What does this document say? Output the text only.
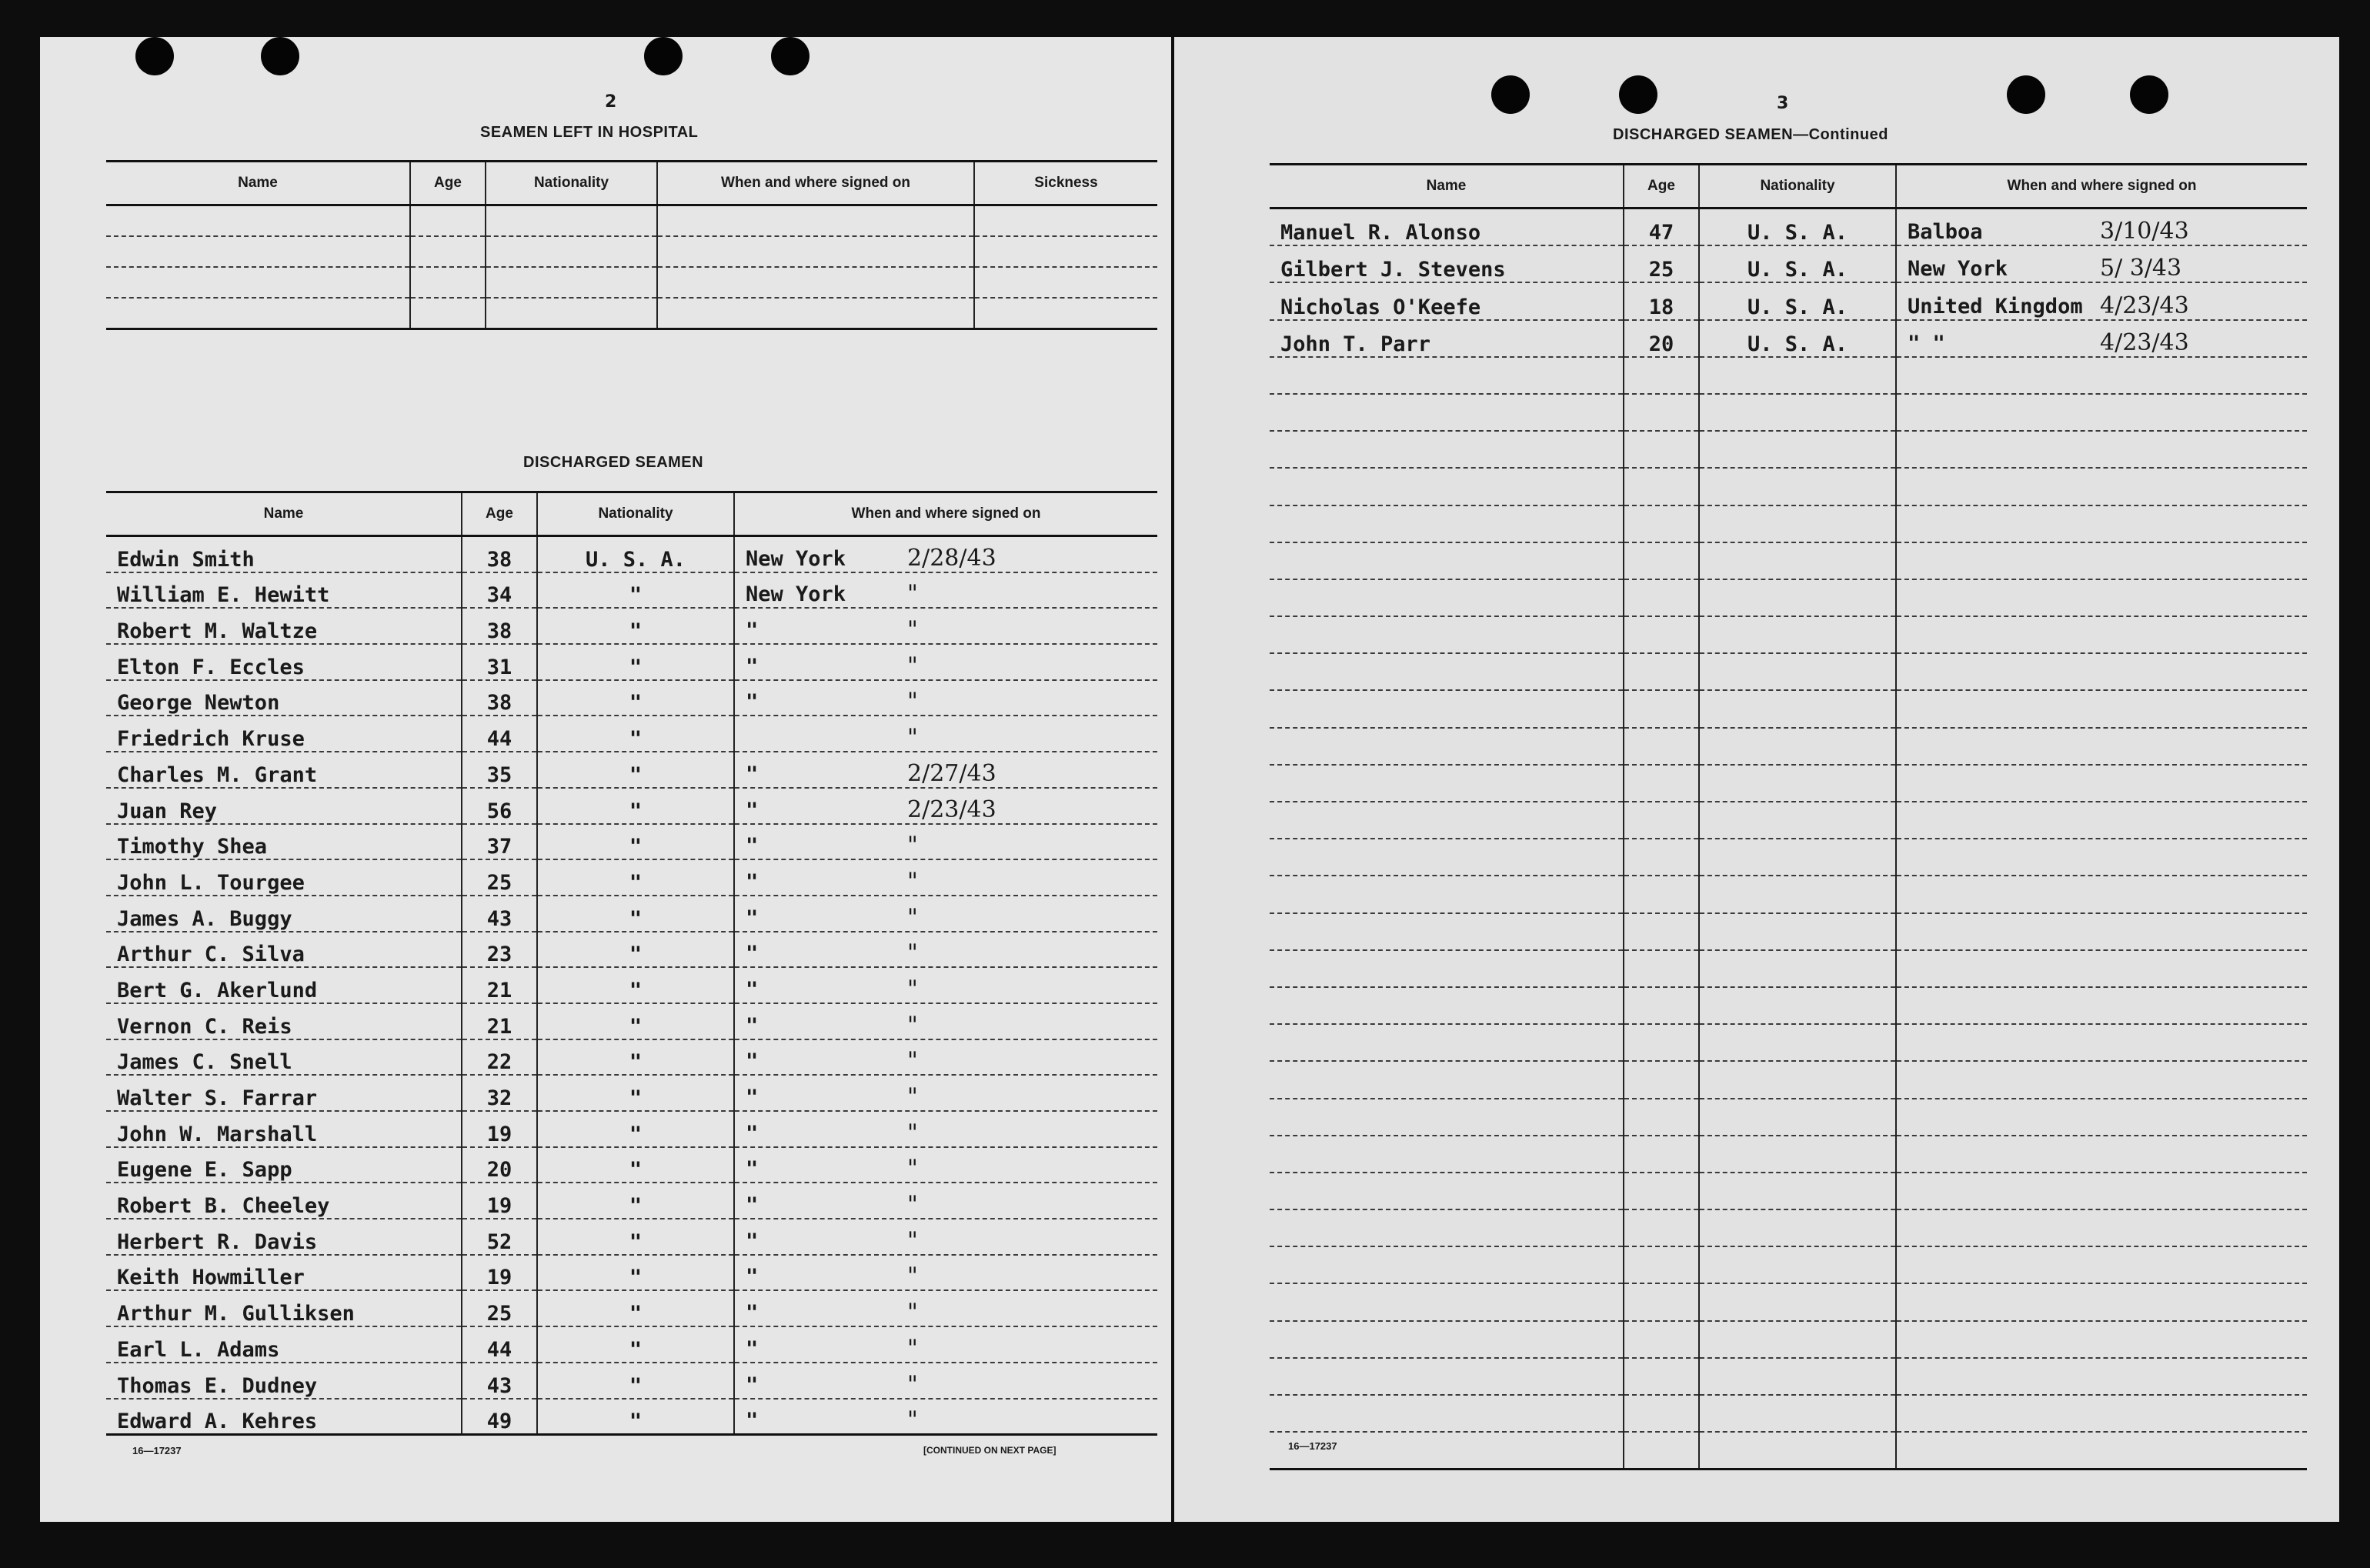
2
SEAMEN LEFT IN HOSPITAL
Name	Age	Nationality	When and where signed on	Sickness

DISCHARGED SEAMEN
Name	Age	Nationality	When and where signed on
Edwin Smith	38	U. S. A.	New York 2/28/43
William E. Hewitt	34	"	New York "
Robert M. Waltze	38	"	" "
Elton F. Eccles	31	"	" "
George Newton	38	"	" "
Friedrich Kruse	44	"	"
Charles M. Grant	35	"	" 2/27/43
Juan Rey	56	"	" 2/23/43
Timothy Shea	37	"	" "
John L. Tourgee	25	"	" "
James A. Buggy	43	"	" "
Arthur C. Silva	23	"	" "
Bert G. Akerlund	21	"	" "
Vernon C. Reis	21	"	" "
James C. Snell	22	"	" "
Walter S. Farrar	32	"	" "
John W. Marshall	19	"	" "
Eugene E. Sapp	20	"	" "
Robert B. Cheeley	19	"	" "
Herbert R. Davis	52	"	" "
Keith Howmiller	19	"	" "
Arthur M. Gulliksen	25	"	" "
Earl L. Adams	44	"	" "
Thomas E. Dudney	43	"	" "
Edward A. Kehres	49	"	" "
16—17237	[CONTINUED ON NEXT PAGE]
3
DISCHARGED SEAMEN—Continued
Name	Age	Nationality	When and where signed on
Manuel R. Alonso	47	U. S. A.	Balboa 3/10/43
Gilbert J. Stevens	25	U. S. A.	New York 5/ 3/43
Nicholas O'Keefe	18	U. S. A.	United Kingdom 4/23/43
John T. Parr	20	U. S. A.	" " 4/23/43

16—17237
